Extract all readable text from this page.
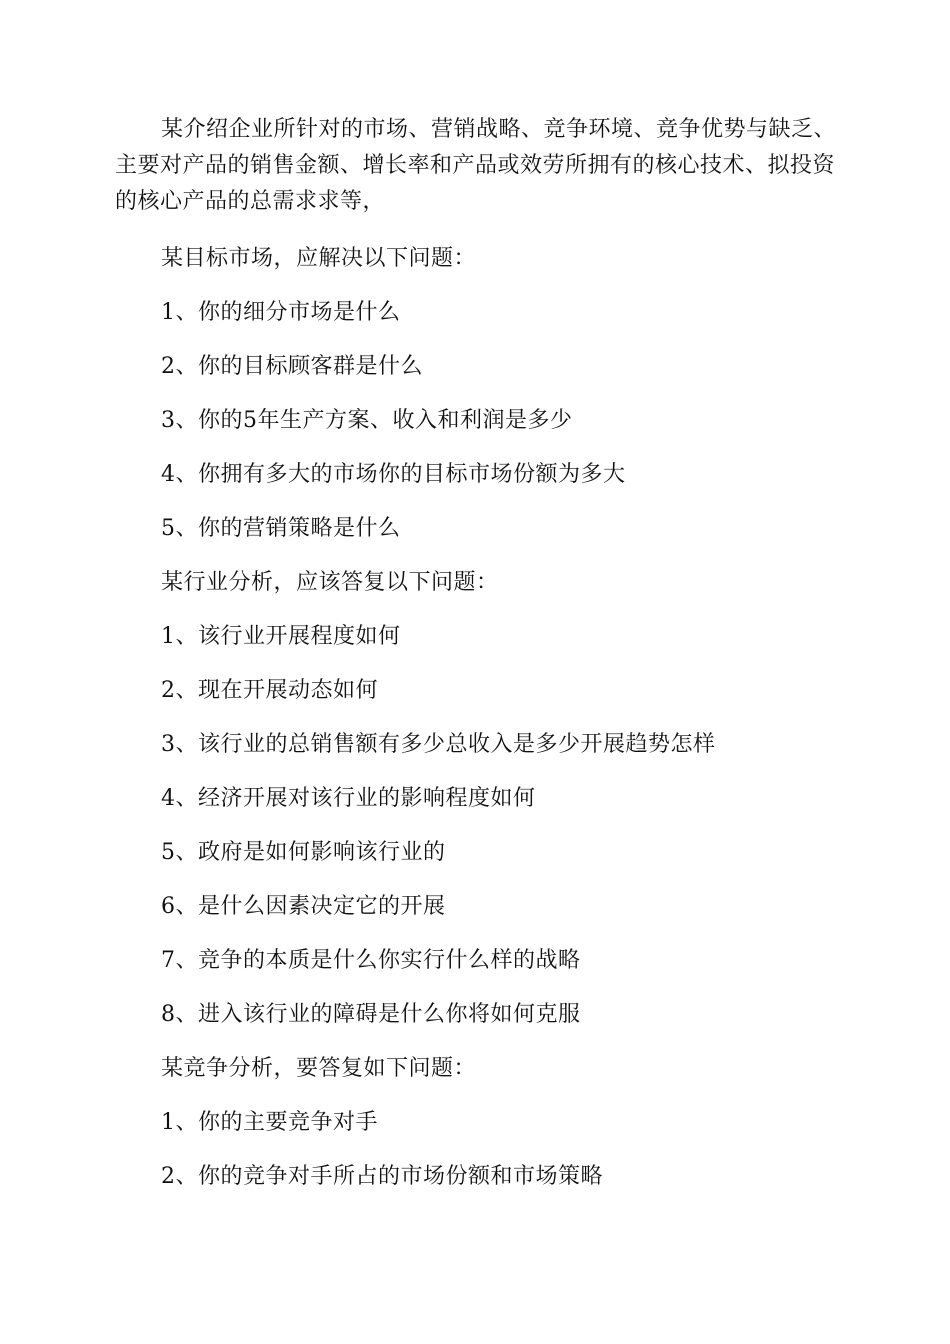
某介绍企业所针对的市场、营销战略、竞争环境、竞争优势与缺乏、主要对产品的销售金额、增长率和产品或效劳所拥有的核心技术、拟投资的核心产品的总需求求等，

某目标市场，应解决以下问题：

1、你的细分市场是什么

2、你的目标顾客群是什么

3、你的5年生产方案、收入和利润是多少

4、你拥有多大的市场你的目标市场份额为多大

5、你的营销策略是什么

某行业分析，应该答复以下问题：

1、该行业开展程度如何

2、现在开展动态如何

3、该行业的总销售额有多少总收入是多少开展趋势怎样

4、经济开展对该行业的影响程度如何

5、政府是如何影响该行业的

6、是什么因素决定它的开展

7、竞争的本质是什么你实行什么样的战略

8、进入该行业的障碍是什么你将如何克服

某竞争分析，要答复如下问题：

1、你的主要竞争对手

2、你的竞争对手所占的市场份额和市场策略
